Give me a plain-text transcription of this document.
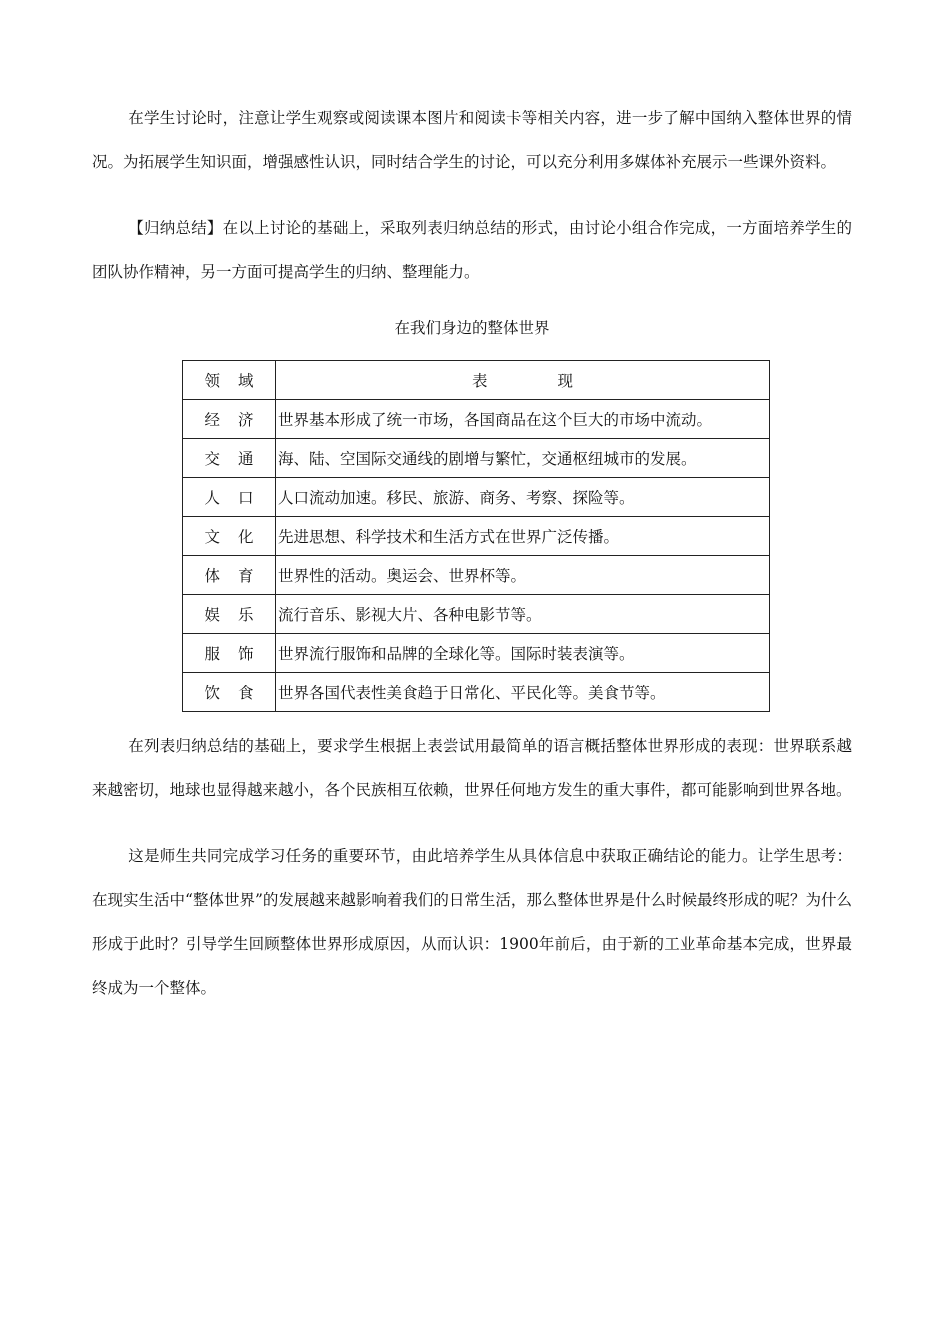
在学生讨论时，注意让学生观察或阅读课本图片和阅读卡等相关内容，进一步了解中国纳入整体世界的情况。为拓展学生知识面，增强感性认识，同时结合学生的讨论，可以充分利用多媒体补充展示一些课外资料。

【归纳总结】在以上讨论的基础上，采取列表归纳总结的形式，由讨论小组合作完成，一方面培养学生的团队协作精神，另一方面可提高学生的归纳、整理能力。

在我们身边的整体世界
领 域	表 现
经 济	世界基本形成了统一市场，各国商品在这个巨大的市场中流动。
交 通	海、陆、空国际交通线的剧增与繁忙，交通枢纽城市的发展。
人 口	人口流动加速。移民、旅游、商务、考察、探险等。
文 化	先进思想、科学技术和生活方式在世界广泛传播。
体 育	世界性的活动。奥运会、世界杯等。
娱 乐	流行音乐、影视大片、各种电影节等。
服 饰	世界流行服饰和品牌的全球化等。国际时装表演等。
饮 食	世界各国代表性美食趋于日常化、平民化等。美食节等。

在列表归纳总结的基础上，要求学生根据上表尝试用最简单的语言概括整体世界形成的表现：世界联系越来越密切，地球也显得越来越小，各个民族相互依赖，世界任何地方发生的重大事件，都可能影响到世界各地。

这是师生共同完成学习任务的重要环节，由此培养学生从具体信息中获取正确结论的能力。让学生思考：在现实生活中“整体世界”的发展越来越影响着我们的日常生活，那么整体世界是什么时候最终形成的呢？为什么形成于此时？引导学生回顾整体世界形成原因，从而认识：1900年前后，由于新的工业革命基本完成，世界最终成为一个整体。
